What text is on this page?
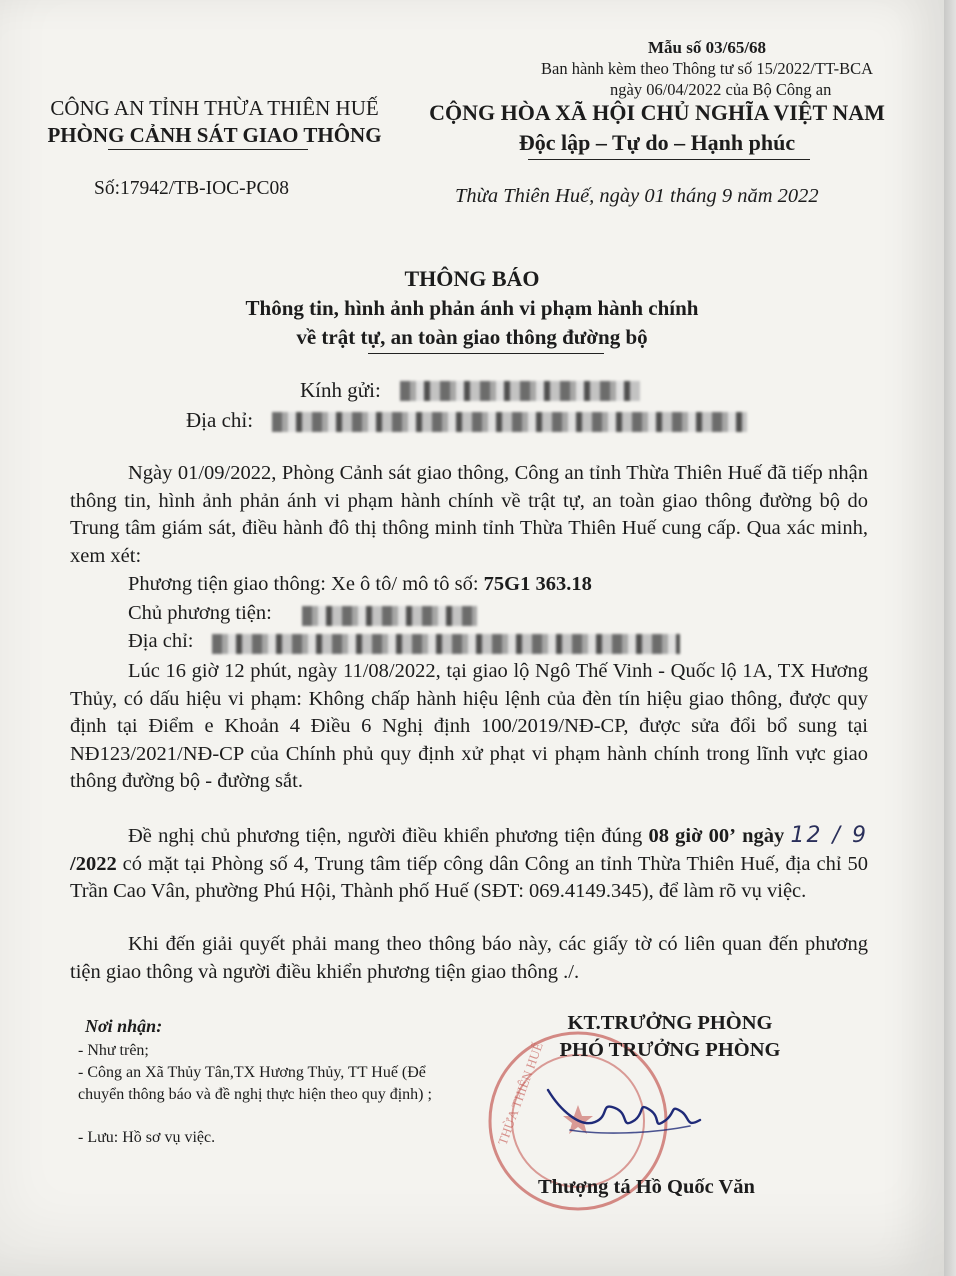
Mẫu số 03/65/68
Ban hành kèm theo Thông tư số 15/2022/TT-BCA
ngày 06/04/2022 của Bộ Công an
CÔNG AN TỈNH THỪA THIÊN HUẾ
PHÒNG CẢNH SÁT GIAO THÔNG
CỘNG HÒA XÃ HỘI CHỦ NGHĨA VIỆT NAM
Độc lập – Tự do – Hạnh phúc
Số:17942/TB-IOC-PC08	Thừa Thiên Huế, ngày 01 tháng 9 năm 2022
THÔNG BÁO
Thông tin, hình ảnh phản ánh vi phạm hành chính
về trật tự, an toàn giao thông đường bộ
Kính gửi:
Địa chỉ:
Ngày 01/09/2022, Phòng Cảnh sát giao thông, Công an tỉnh Thừa Thiên Huế đã tiếp nhận thông tin, hình ảnh phản ánh vi phạm hành chính về trật tự, an toàn giao thông đường bộ do Trung tâm giám sát, điều hành đô thị thông minh tỉnh Thừa Thiên Huế cung cấp. Qua xác minh, xem xét:
Phương tiện giao thông: Xe ô tô/ mô tô số: 75G1 363.18
Chủ phương tiện:
Địa chỉ:
Lúc 16 giờ 12 phút, ngày 11/08/2022, tại giao lộ Ngô Thế Vinh - Quốc lộ 1A, TX Hương Thủy, có dấu hiệu vi phạm: Không chấp hành hiệu lệnh của đèn tín hiệu giao thông, được quy định tại Điểm e Khoản 4 Điều 6 Nghị định 100/2019/NĐ-CP, được sửa đổi bổ sung tại NĐ123/2021/NĐ-CP của Chính phủ quy định xử phạt vi phạm hành chính trong lĩnh vực giao thông đường bộ - đường sắt.
Đề nghị chủ phương tiện, người điều khiển phương tiện đúng 08 giờ 00’ ngày 12 / 9 /2022 có mặt tại Phòng số 4, Trung tâm tiếp công dân Công an tỉnh Thừa Thiên Huế, địa chỉ 50 Trần Cao Vân, phường Phú Hội, Thành phố Huế (SĐT: 069.4149.345), để làm rõ vụ việc.
Khi đến giải quyết phải mang theo thông báo này, các giấy tờ có liên quan đến phương tiện giao thông và người điều khiển phương tiện giao thông ./.
Nơi nhận:
- Như trên;
- Công an Xã Thủy Tân,TX Hương Thủy, TT Huế (Để chuyển thông báo và đề nghị thực hiện theo quy định) ;
- Lưu: Hồ sơ vụ việc.	THỪA THIÊN HUẾ
KT.TRƯỞNG PHÒNG
PHÓ TRƯỞNG PHÒNG
Thượng tá Hồ Quốc Văn
